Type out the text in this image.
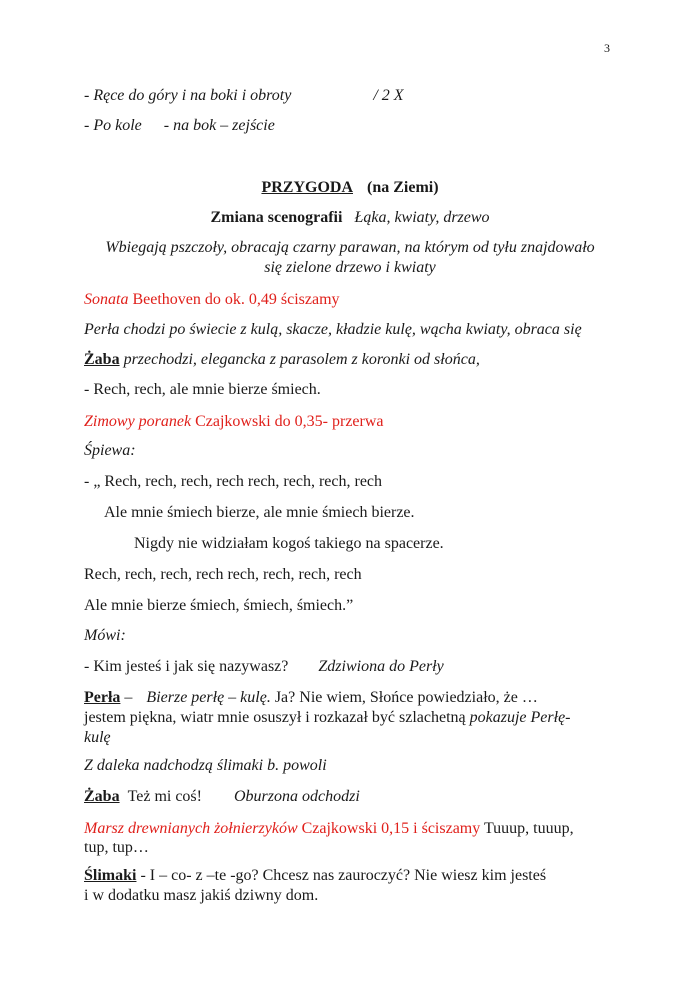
3
- Ręce do góry i na boki i obroty	/ 2 X
- Po kole - na bok – zejście
PRZYGODA (na Ziemi)
Zmiana scenografii Łąka, kwiaty, drzewo
Wbiegają pszczoły, obracają czarny parawan, na którym od tyłu znajdowało
się zielone drzewo i kwiaty
Sonata Beethoven do ok. 0,49 ściszamy
Perła chodzi po świecie z kulą, skacze, kładzie kulę, wącha kwiaty, obraca się
Żaba przechodzi, elegancka z parasolem z koronki od słońca,
- Rech, rech, ale mnie bierze śmiech.
Zimowy poranek Czajkowski do 0,35- przerwa
Śpiewa:
- „ Rech, rech, rech, rech rech, rech, rech, rech
Ale mnie śmiech bierze, ale mnie śmiech bierze.
Nigdy nie widziałam kogoś takiego na spacerze.
Rech, rech, rech, rech rech, rech, rech, rech
Ale mnie bierze śmiech, śmiech, śmiech.”
Mówi:
- Kim jesteś i jak się nazywasz? Zdziwiona do Perły
Perła – Bierze perłę – kulę. Ja? Nie wiem, Słońce powiedziało, że …
jestem piękna, wiatr mnie osuszył i rozkazał być szlachetną pokazuje Perłę-
kulę
Z daleka nadchodzą ślimaki b. powoli
Żaba Też mi coś! Oburzona odchodzi
Marsz drewnianych żołnierzyków Czajkowski 0,15 i ściszamy Tuuup, tuuup,
tup, tup…
Ślimaki - I – co- z –te -go? Chcesz nas zauroczyć? Nie wiesz kim jesteś
i w dodatku masz jakiś dziwny dom.
